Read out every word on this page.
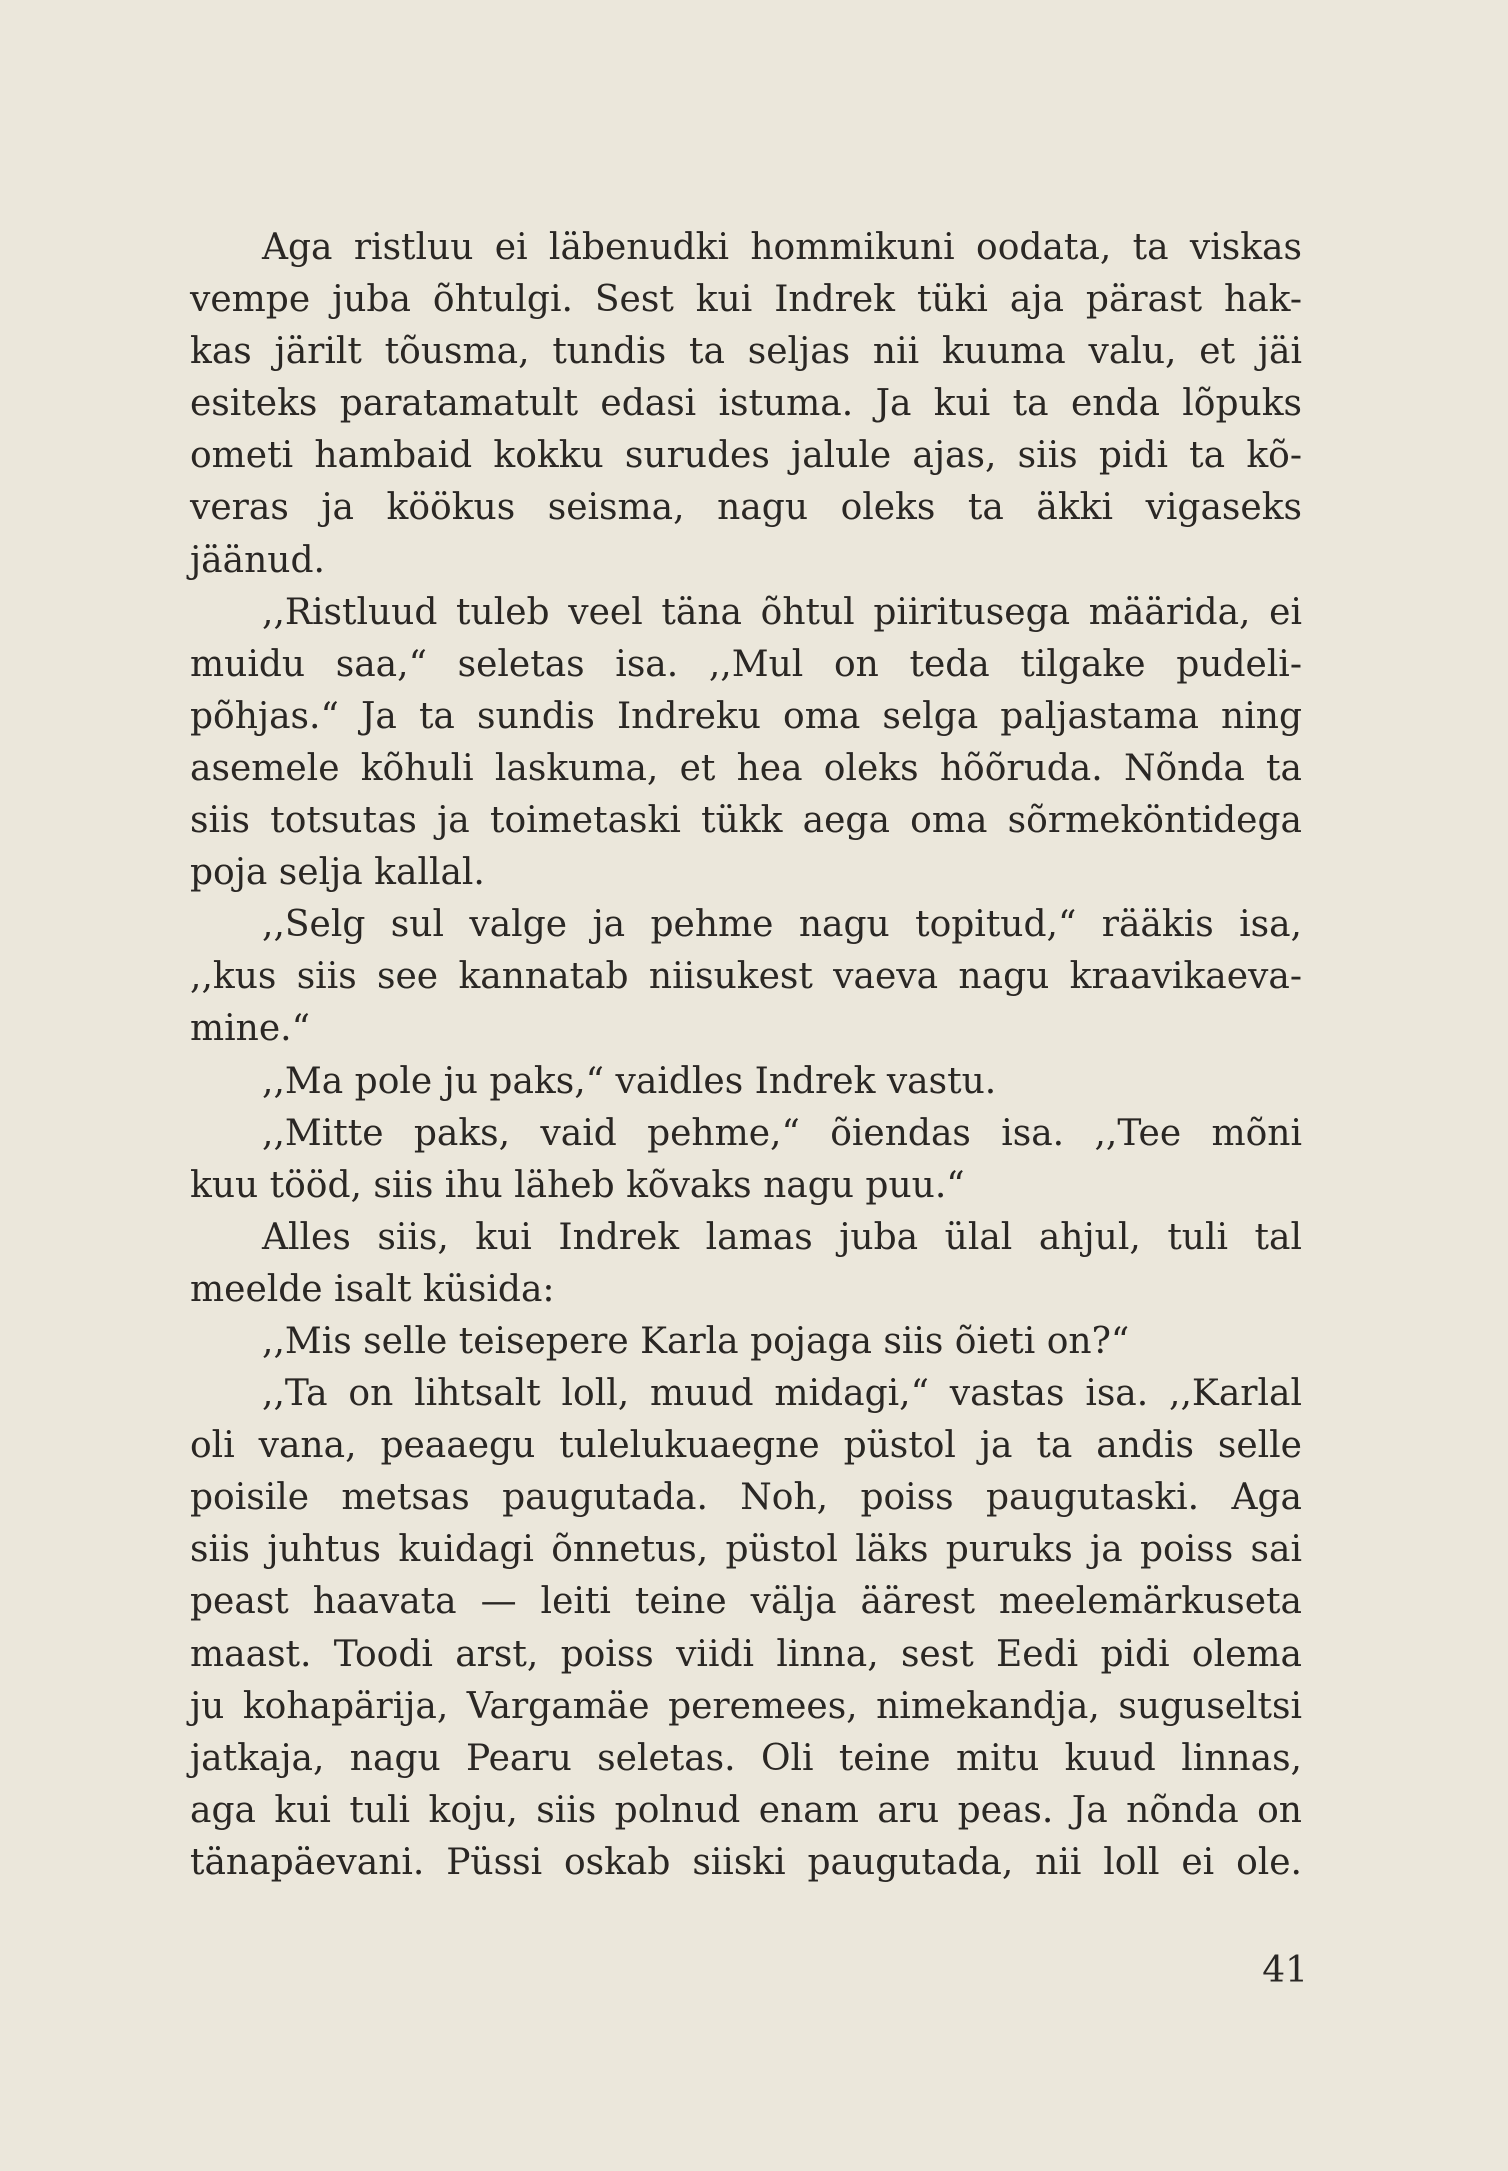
Aga ristluu ei läbenudki hommikuni oodata, ta viskas
vempe juba õhtulgi. Sest kui Indrek tüki aja pärast hak-
kas järilt tõusma, tundis ta seljas nii kuuma valu, et jäi
esiteks paratamatult edasi istuma. Ja kui ta enda lõpuks
ometi hambaid kokku surudes jalule ajas, siis pidi ta kõ-
veras ja köökus seisma, nagu oleks ta äkki vigaseks
jäänud.
,,Ristluud tuleb veel täna õhtul piiritusega määrida, ei
muidu saa,“ seletas isa. ,,Mul on teda tilgake pudeli-
põhjas.“ Ja ta sundis Indreku oma selga paljastama ning
asemele kõhuli laskuma, et hea oleks hõõruda. Nõnda ta
siis totsutas ja toimetaski tükk aega oma sõrmeköntidega
poja selja kallal.
,,Selg sul valge ja pehme nagu topitud,“ rääkis isa,
,,kus siis see kannatab niisukest vaeva nagu kraavikaeva-
mine.“
,,Ma pole ju paks,“ vaidles Indrek vastu.
,,Mitte paks, vaid pehme,“ õiendas isa. ,,Tee mõni
kuu tööd, siis ihu läheb kõvaks nagu puu.“
Alles siis, kui Indrek lamas juba ülal ahjul, tuli tal
meelde isalt küsida:
,,Mis selle teisepere Karla pojaga siis õieti on?“
,,Ta on lihtsalt loll, muud midagi,“ vastas isa. ,,Karlal
oli vana, peaaegu tulelukuaegne püstol ja ta andis selle
poisile metsas paugutada. Noh, poiss paugutaski. Aga
siis juhtus kuidagi õnnetus, püstol läks puruks ja poiss sai
peast haavata — leiti teine välja äärest meelemärkuseta
maast. Toodi arst, poiss viidi linna, sest Eedi pidi olema
ju kohapärija, Vargamäe peremees, nimekandja, suguseltsi
jatkaja, nagu Pearu seletas. Oli teine mitu kuud linnas,
aga kui tuli koju, siis polnud enam aru peas. Ja nõnda on
tänapäevani. Püssi oskab siiski paugutada, nii loll ei ole.
41
